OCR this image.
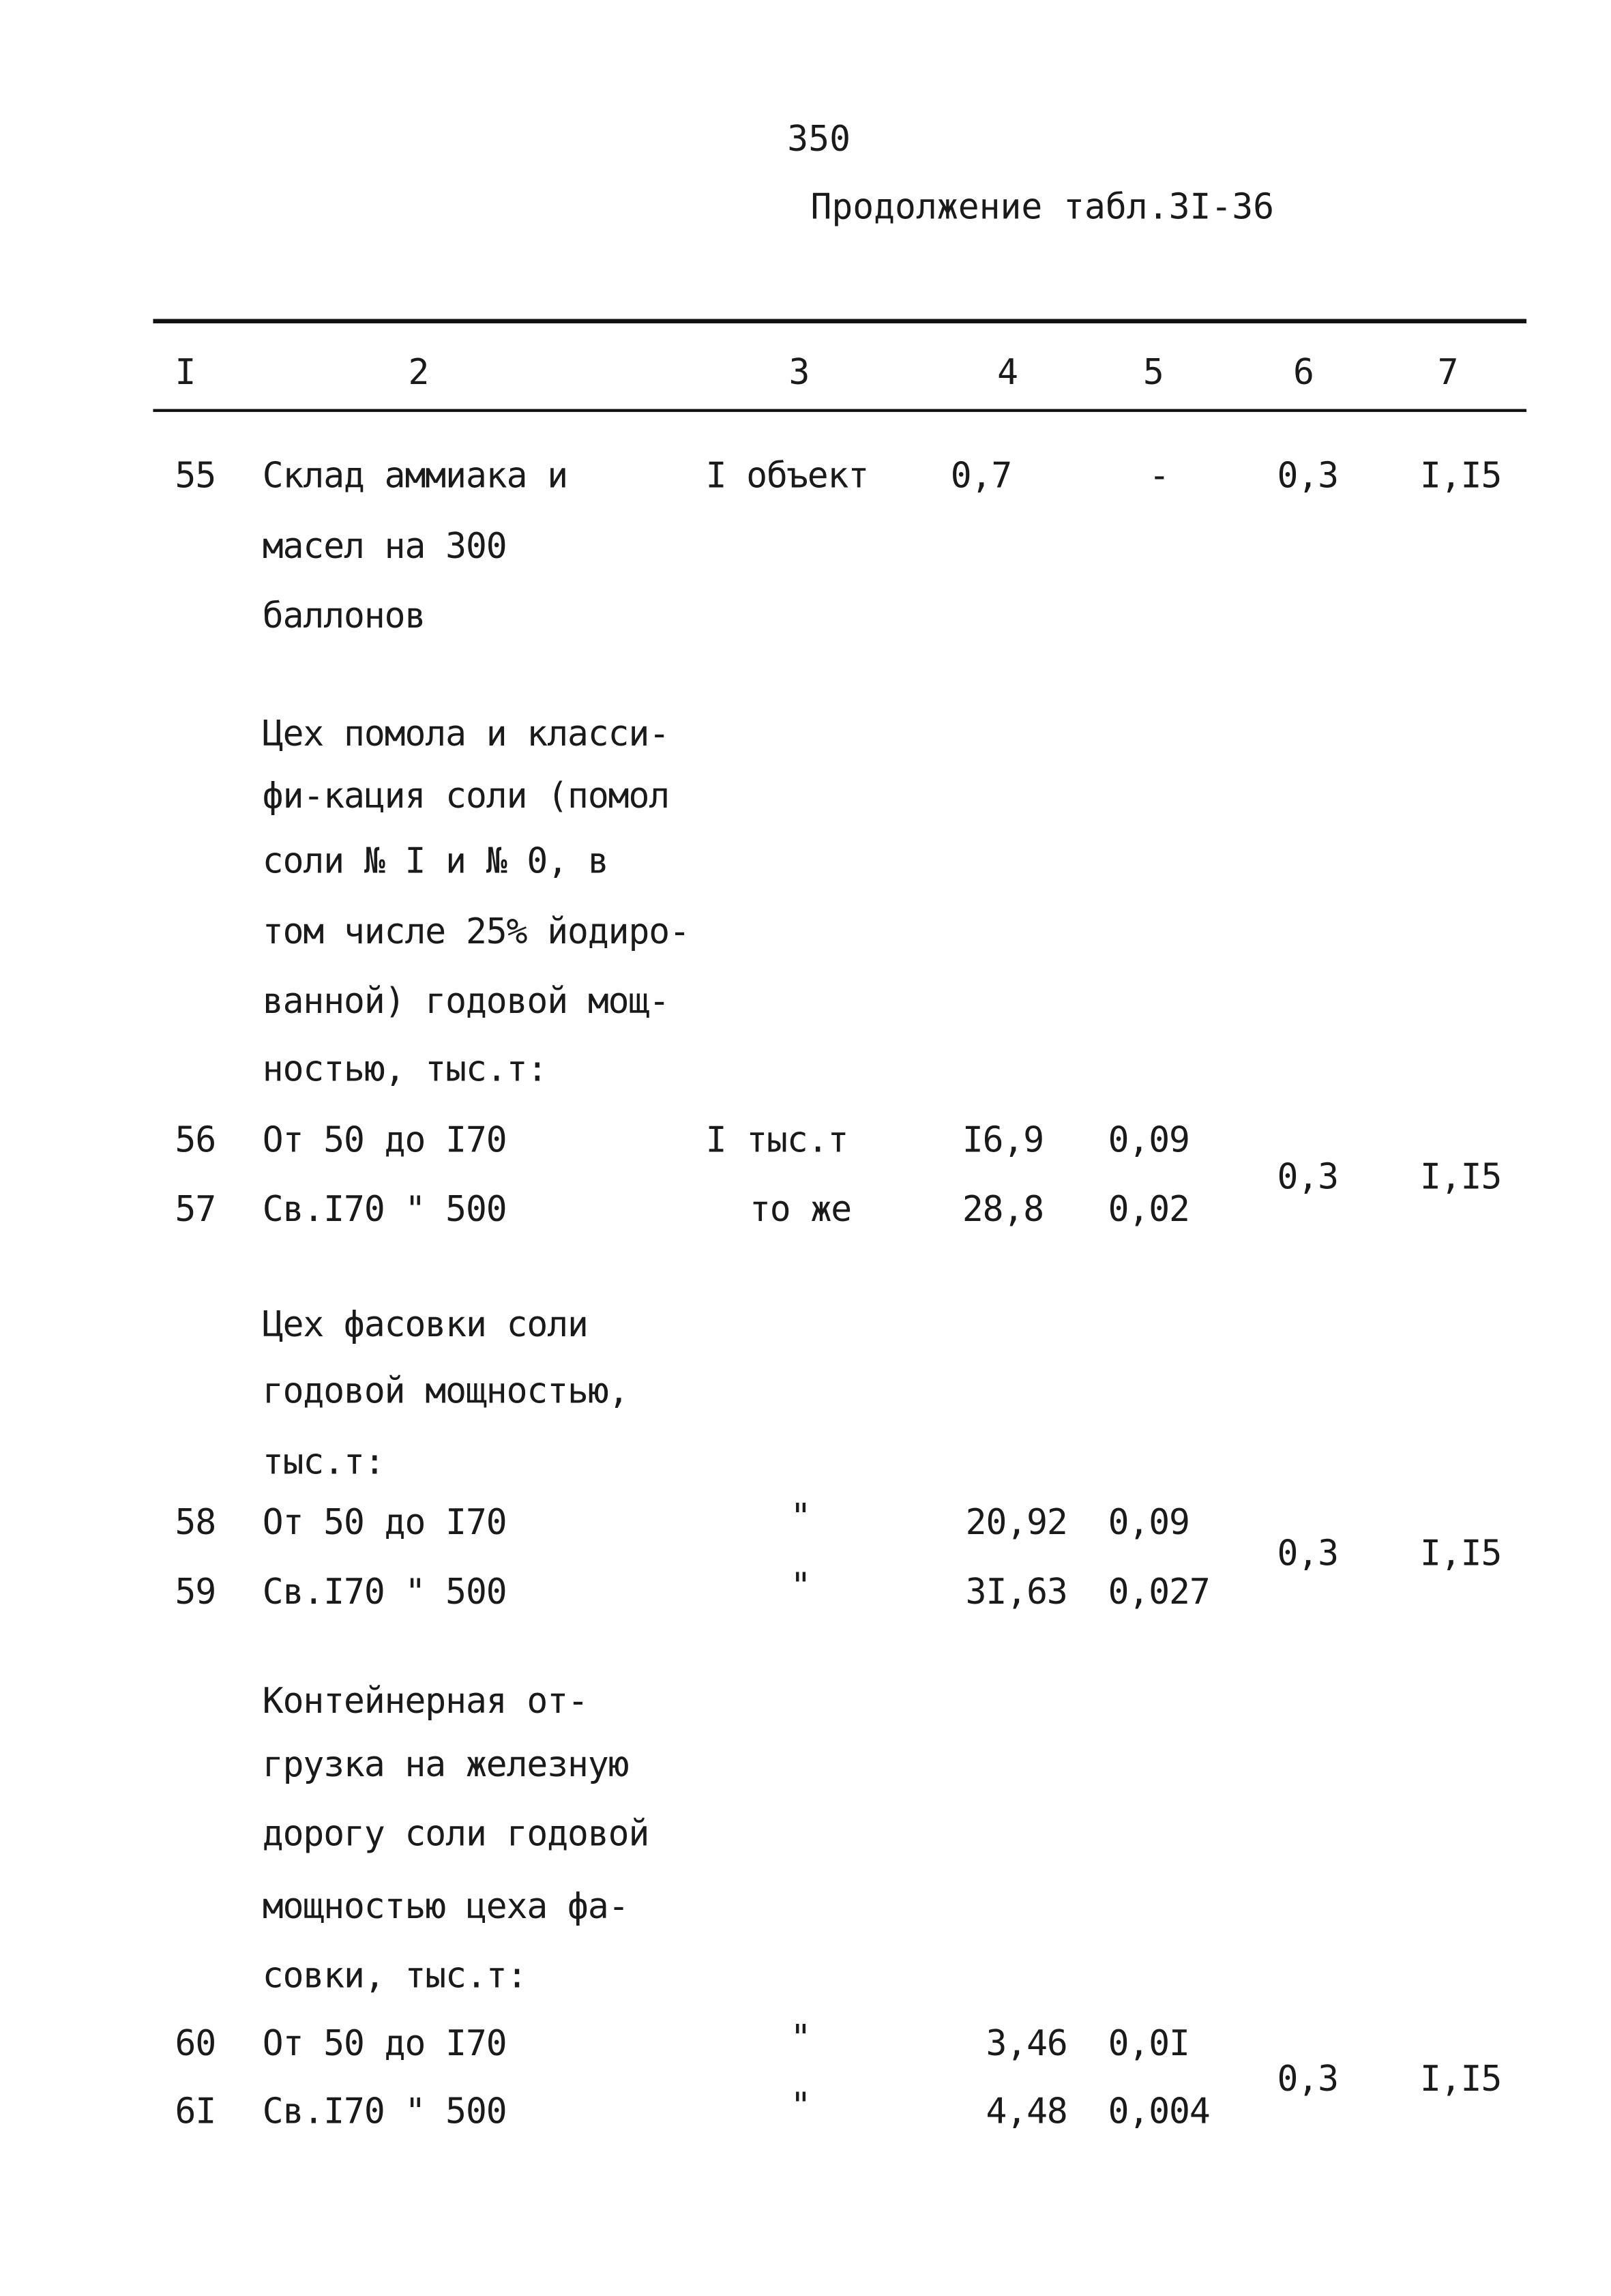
350
Продолжение табл.3I-36
I	2	3	4	5	6	7
55	Склад аммиака и
масел на 300
баллонов
I объект	0,7	-	0,3	I,I5
Цех помола и класси-
фи-кация соли (помол
соли № I и № 0, в
том числе 25% йодиро-
ванной) годовой мощ-
ностью, тыс.т:
56	От 50 до I70	I тыс.т	I6,9	0,09
57	Св.I70 " 500	то же	28,8	0,02
0,3	I,I5
Цех фасовки соли
годовой мощностью,
тыс.т:
58	От 50 до I70	"	20,92 0,09
59	Св.I70 " 500	"	3I,63 0,027
0,3	I,I5
Контейнерная от-
грузка на железную
дорогу соли годовой
мощностью цеха фа-
совки, тыс.т:
60	От 50 до I70	"	3,46 0,0I
6I	Св.I70 " 500	"	4,48 0,004
0,3	I,I5
